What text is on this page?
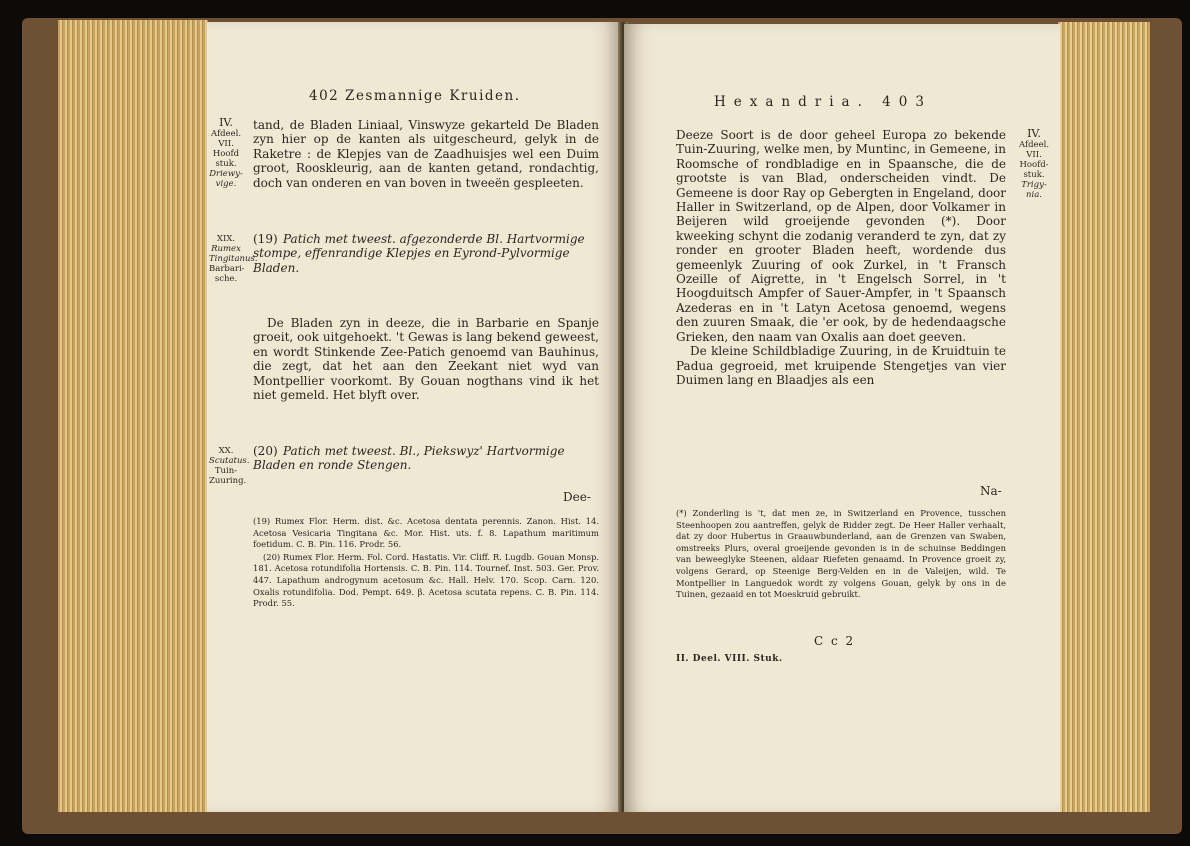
402 Zesmannige Kruiden.
IV.
Afdeel.
VII.
Hoofd
stuk.
Driewy-
vige.

tand, de Bladen Liniaal, Vinswyze gekarteld De Bladen zyn hier op de kanten als uitgescheurd, gelyk in de Raketre : de Klepjes van de Zaadhuisjes wel een Duim groot, Rooskleurig, aan de kanten getand, rondachtig, doch van onderen en van boven in tweeën gespleeten.

XIX.
Rumex
Tingitanus.
Barbari-
sche.
(19) Patich met tweest. afgezonderde Bl. Hartvormige stompe, effenrandige Klepjes en Eyrond-Pylvormige Bladen.

De Bladen zyn in deeze, die in Barbarie en Spanje groeit, ook uitgehoekt. 't Gewas is lang bekend geweest, en wordt Stinkende Zee-Patich genoemd van Bauhinus, die zegt, dat het aan den Zeekant niet wyd van Montpellier voorkomt. By Gouan nogthans vind ik het niet gemeld. Het blyft over.

XX.
Scutatus.
Tuin-
Zuuring.
(20) Patich met tweest. Bl., Piekswyz' Hartvormige Bladen en ronde Stengen.
Dee-

(19) Rumex Flor. Herm. dist. &c. Acetosa dentata perennis. Zanon. Hist. 14. Acetosa Vesicaria Tingitana &c. Mor. Hist. uts. f. 8. Lapathum maritimum foetidum. C. B. Pin. 116. Prodr. 56.

(20) Rumex Flor. Herm. Fol. Cord. Hastatis. Vir. Cliff. R. Lugdb. Gouan Monsp. 181. Acetosa rotundifolia Hortensis. C. B. Pin. 114. Tournef. Inst. 503. Ger. Prov. 447. Lapathum androgynum acetosum &c. Hall. Helv. 170. Scop. Carn. 120. Oxalis rotundifolia. Dod. Pempt. 649. β. Acetosa scutata repens. C. B. Pin. 114. Prodr. 55.

Hexandria. 403

Deeze Soort is de door geheel Europa zo bekende Tuin-Zuuring, welke men, by Muntinc, in Gemeene, in Roomsche of rondbladige en in Spaansche, die de grootste is van Blad, onderscheiden vindt. De Gemeene is door Ray op Gebergten in Engeland, door Haller in Switzerland, op de Alpen, door Volkamer in Beijeren wild groeijende gevonden (*). Door kweeking schynt die zodanig veranderd te zyn, dat zy ronder en grooter Bladen heeft, wordende dus gemeenlyk Zuuring of ook Zurkel, in 't Fransch Ozeille of Aigrette, in 't Engelsch Sorrel, in 't Hoogduitsch Ampfer of Sauer-Ampfer, in 't Spaansch Azederas en in 't Latyn Acetosa genoemd, wegens den zuuren Smaak, die 'er ook, by de hedendaagsche Grieken, den naam van Oxalis aan doet geeven.

De kleine Schildbladige Zuuring, in de Kruidtuin te Padua gegroeid, met kruipende Stengetjes van vier Duimen lang en Blaadjes als een

IV.
Afdeel.
VII.
Hoofd-
stuk.
Trigy-
nia.
Na-

(*) Zonderling is 't, dat men ze, in Switzerland en Provence, tusschen Steenhoopen zou aantreffen, gelyk de Ridder zegt. De Heer Haller verhaalt, dat zy door Hubertus in Graauwbunderland, aan de Grenzen van Swaben, omstreeks Plurs, overal groeijende gevonden is in de schuinse Beddingen van beweeglyke Steenen, aldaar Riefeten genaamd. In Provence groeit zy, volgens Gerard, op Steenige Berg-Velden en in de Valeijen, wild. Te Montpellier in Languedok wordt zy volgens Gouan, gelyk by ons in de Tuinen, gezaaid en tot Moeskruid gebruikt.

C c 2
II. Deel. VIII. Stuk.
